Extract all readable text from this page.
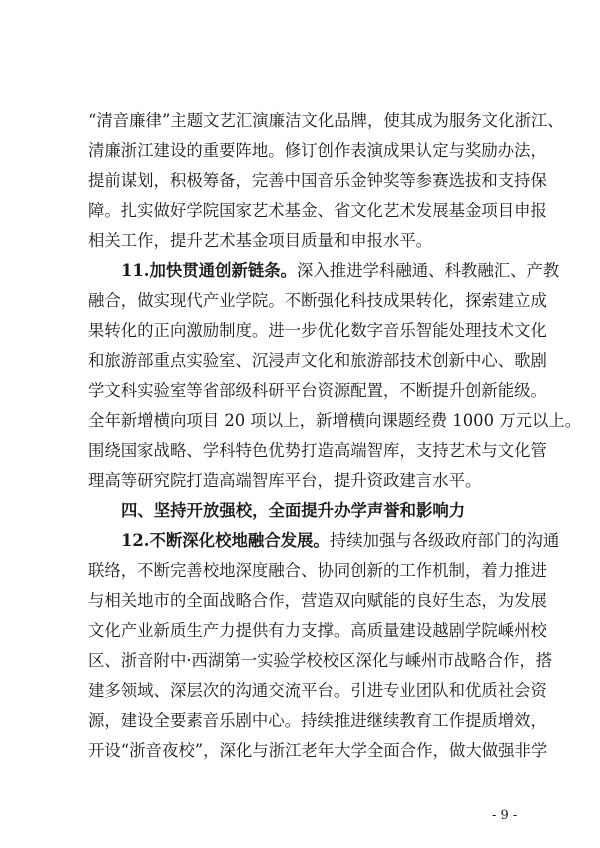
“清音廉律”主题文艺汇演廉洁文化品牌，使其成为服务文化浙江、
清廉浙江建设的重要阵地。修订创作表演成果认定与奖励办法，
提前谋划，积极筹备，完善中国音乐金钟奖等参赛选拔和支持保
障。扎实做好学院国家艺术基金、省文化艺术发展基金项目申报
相关工作，提升艺术基金项目质量和申报水平。
11.加快贯通创新链条。深入推进学科融通、科教融汇、产教
融合，做实现代产业学院。不断强化科技成果转化，探索建立成
果转化的正向激励制度。进一步优化数字音乐智能处理技术文化
和旅游部重点实验室、沉浸声文化和旅游部技术创新中心、歌剧
学文科实验室等省部级科研平台资源配置，不断提升创新能级。
全年新增横向项目 20 项以上，新增横向课题经费 1000 万元以上。
围绕国家战略、学科特色优势打造高端智库，支持艺术与文化管
理高等研究院打造高端智库平台，提升资政建言水平。
四、坚持开放强校，全面提升办学声誉和影响力
12.不断深化校地融合发展。持续加强与各级政府部门的沟通
联络，不断完善校地深度融合、协同创新的工作机制，着力推进
与相关地市的全面战略合作，营造双向赋能的良好生态，为发展
文化产业新质生产力提供有力支撑。高质量建设越剧学院嵊州校
区、浙音附中·西湖第一实验学校校区深化与嵊州市战略合作，搭
建多领域、深层次的沟通交流平台。引进专业团队和优质社会资
源，建设全要素音乐剧中心。持续推进继续教育工作提质增效，
开设“浙音夜校”，深化与浙江老年大学全面合作，做大做强非学
- 9 -
